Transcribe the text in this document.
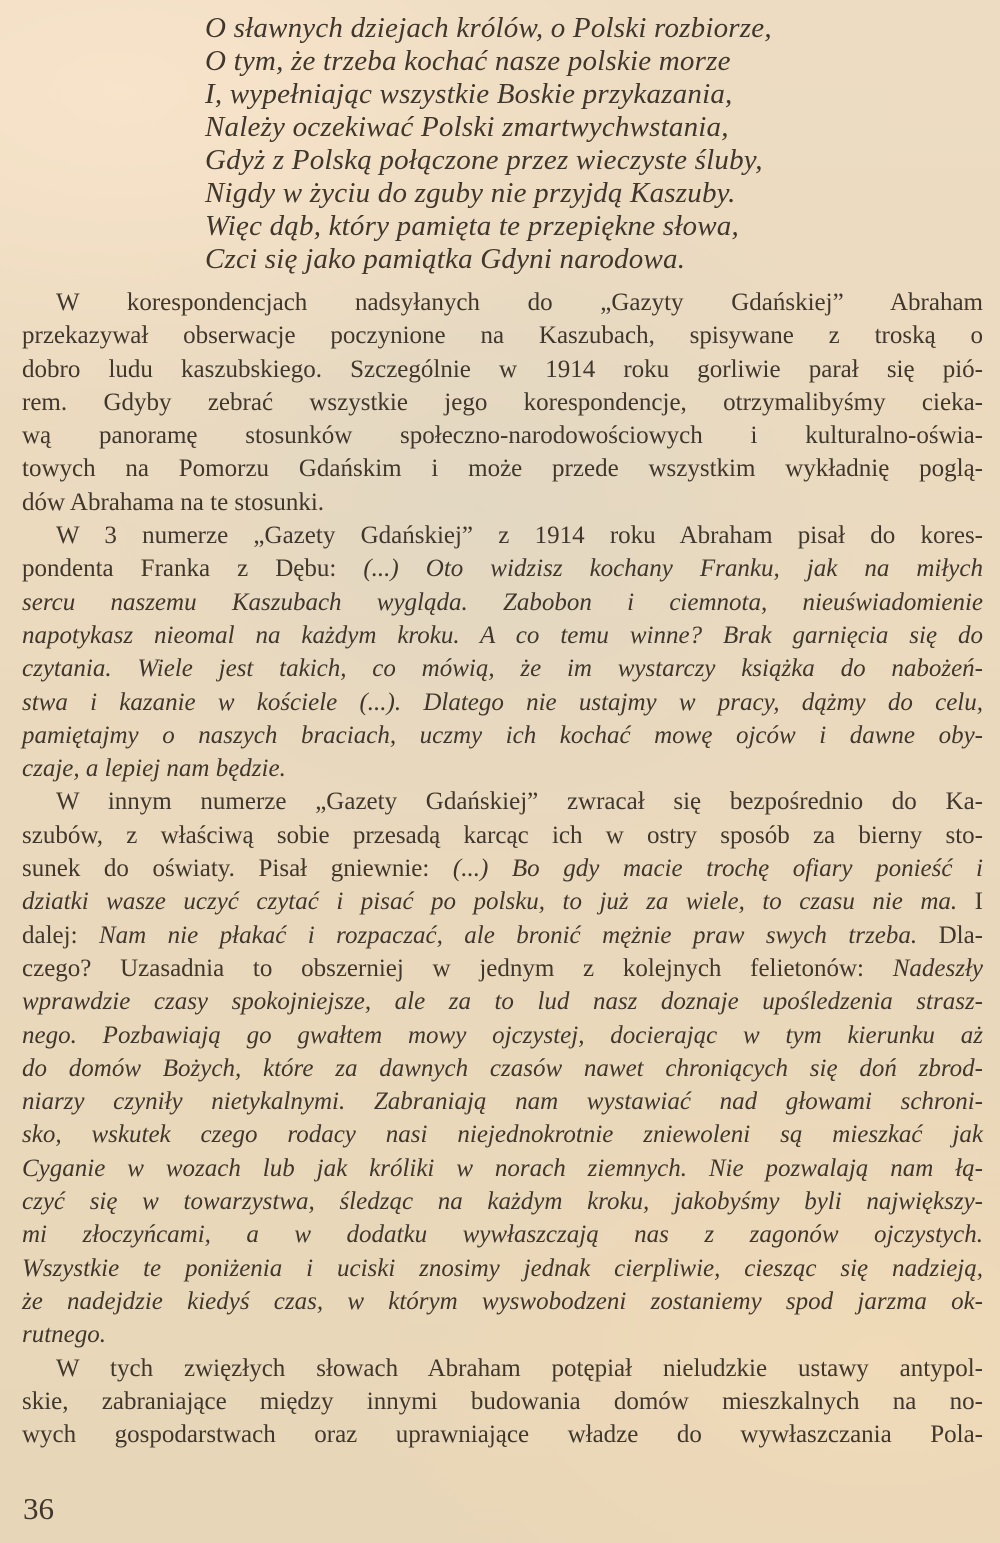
O sławnych dziejach królów, o Polski rozbiorze,
O tym, że trzeba kochać nasze polskie morze
I, wypełniając wszystkie Boskie przykazania,
Należy oczekiwać Polski zmartwychwstania,
Gdyż z Polską połączone przez wieczyste śluby,
Nigdy w życiu do zguby nie przyjdą Kaszuby.
Więc dąb, który pamięta te przepiękne słowa,
Czci się jako pamiątka Gdyni narodowa.
W korespondencjach nadsyłanych do „Gazyty Gdańskiej” Abraham
przekazywał obserwacje poczynione na Kaszubach, spisywane z troską o
dobro ludu kaszubskiego. Szczególnie w 1914 roku gorliwie parał się pió-
rem. Gdyby zebrać wszystkie jego korespondencje, otrzymalibyśmy cieka-
wą panoramę stosunków społeczno-narodowościowych i kulturalno-oświa-
towych na Pomorzu Gdańskim i może przede wszystkim wykładnię poglą-
dów Abrahama na te stosunki.
W 3 numerze „Gazety Gdańskiej” z 1914 roku Abraham pisał do kores-
pondenta Franka z Dębu: (...) Oto widzisz kochany Franku, jak na miłych
sercu naszemu Kaszubach wygląda. Zabobon i ciemnota, nieuświadomienie
napotykasz nieomal na każdym kroku. A co temu winne? Brak garnięcia się do
czytania. Wiele jest takich, co mówią, że im wystarczy książka do nabożeń-
stwa i kazanie w kościele (...). Dlatego nie ustajmy w pracy, dążmy do celu,
pamiętajmy o naszych braciach, uczmy ich kochać mowę ojców i dawne oby-
czaje, a lepiej nam będzie.
W innym numerze „Gazety Gdańskiej” zwracał się bezpośrednio do Ka-
szubów, z właściwą sobie przesadą karcąc ich w ostry sposób za bierny sto-
sunek do oświaty. Pisał gniewnie: (...) Bo gdy macie trochę ofiary ponieść i
dziatki wasze uczyć czytać i pisać po polsku, to już za wiele, to czasu nie ma. I
dalej: Nam nie płakać i rozpaczać, ale bronić mężnie praw swych trzeba. Dla-
czego? Uzasadnia to obszerniej w jednym z kolejnych felietonów: Nadeszły
wprawdzie czasy spokojniejsze, ale za to lud nasz doznaje upośledzenia strasz-
nego. Pozbawiają go gwałtem mowy ojczystej, docierając w tym kierunku aż
do domów Bożych, które za dawnych czasów nawet chroniących się doń zbrod-
niarzy czyniły nietykalnymi. Zabraniają nam wystawiać nad głowami schroni-
sko, wskutek czego rodacy nasi niejednokrotnie zniewoleni są mieszkać jak
Cyganie w wozach lub jak króliki w norach ziemnych. Nie pozwalają nam łą-
czyć się w towarzystwa, śledząc na każdym kroku, jakobyśmy byli największy-
mi złoczyńcami, a w dodatku wywłaszczają nas z zagonów ojczystych.
Wszystkie te poniżenia i uciski znosimy jednak cierpliwie, ciesząc się nadzieją,
że nadejdzie kiedyś czas, w którym wyswobodzeni zostaniemy spod jarzma ok-
rutnego.
W tych zwięzłych słowach Abraham potępiał nieludzkie ustawy antypol-
skie, zabraniające między innymi budowania domów mieszkalnych na no-
wych gospodarstwach oraz uprawniające władze do wywłaszczania Pola-
36
